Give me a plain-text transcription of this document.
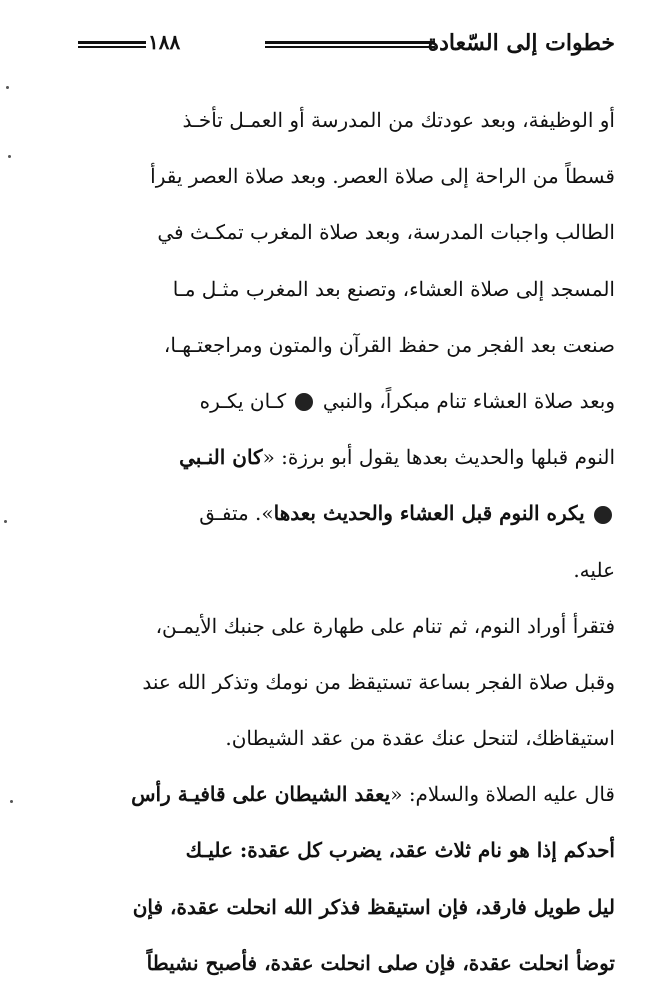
خطوات إلى السّعادة
١٨٨
أو الوظيفة، وبعد عودتك من المدرسة أو العمـل تأخـذ
قسطاً من الراحة إلى صلاة العصر. وبعد صلاة العصر يقرأ
الطالب واجبات المدرسة، وبعد صلاة المغرب تمكـث في
المسجد إلى صلاة العشاء، وتصنع بعد المغرب مثـل مـا
صنعت بعد الفجر من حفظ القرآن والمتون ومراجعتـهـا،
وبعد صلاة العشاء تنام مبكراً، والنبي  كـان يكـره
النوم قبلها والحديث بعدها يقول أبو برزة: «كان النـبي
يكره النوم قبل العشاء والحديث بعدها». متفـق
عليه.
فتقرأ أوراد النوم، ثم تنام على طهارة على جنبك الأيمـن،
وقبل صلاة الفجر بساعة تستيقظ من نومك وتذكر الله عند
استيقاظك، لتنحل عنك عقدة من عقد الشيطان.
قال عليه الصلاة والسلام: «يعقد الشيطان على قافيـة رأس
أحدكم إذا هو نام ثلاث عقد، يضرب كل عقدة: عليـك
ليل طويل فارقد، فإن استيقظ فذكر الله انحلت عقدة، فإن
توضأ انحلت عقدة، فإن صلى انحلت عقدة، فأصبح نشيطاً
